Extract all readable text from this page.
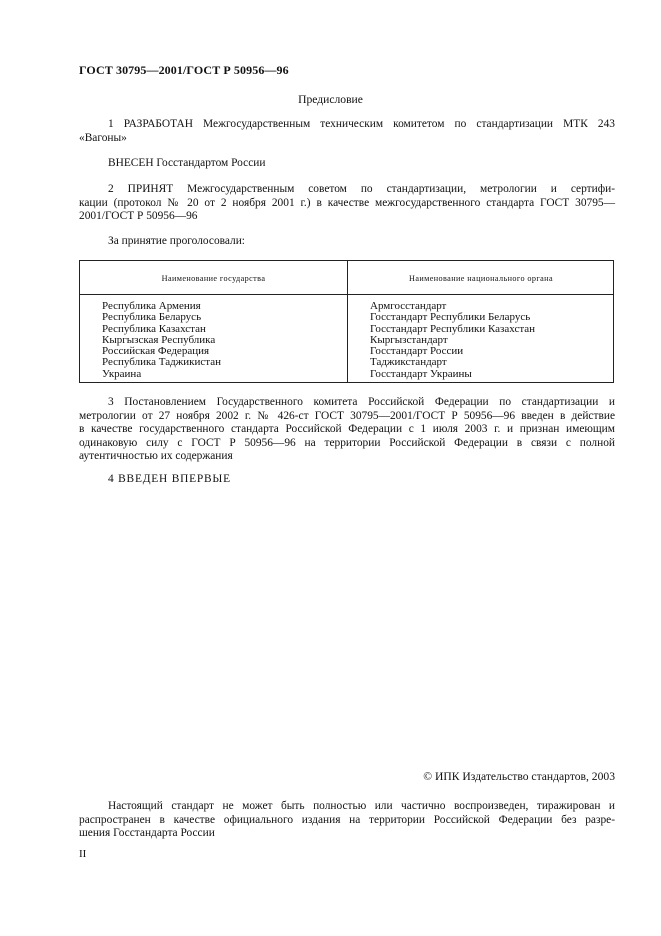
ГОСТ 30795—2001/ГОСТ Р 50956—96
Предисловие
1 РАЗРАБОТАН Межгосударственным техническим комитетом по стандартизации МТК 243
«Вагоны»
ВНЕСЕН Госстандартом России
2 ПРИНЯТ Межгосударственным советом по стандартизации, метрологии и сертифи-
кации (протокол № 20 от 2 ноября 2001 г.) в качестве межгосударственного стандарта ГОСТ 30795—
2001/ГОСТ Р 50956—96
За принятие проголосовали:
Наименование государства	Наименование национального органа
Республика Армения
Республика Беларусь
Республика Казахстан
Кыргызская Республика
Российская Федерация
Республика Таджикистан
Украина
Армгосстандарт
Госстандарт Республики Беларусь
Госстандарт Республики Казахстан
Кыргызстандарт
Госстандарт России
Таджикстандарт
Госстандарт Украины
3 Постановлением Государственного комитета Российской Федерации по стандартизации и
метрологии от 27 ноября 2002 г. № 426-ст ГОСТ 30795—2001/ГОСТ Р 50956—96 введен в действие
в качестве государственного стандарта Российской Федерации с 1 июля 2003 г. и признан имеющим
одинаковую силу с ГОСТ Р 50956—96 на территории Российской Федерации в связи с полной
аутентичностью их содержания
4 ВВЕДЕН ВПЕРВЫЕ
© ИПК Издательство стандартов, 2003
Настоящий стандарт не может быть полностью или частично воспроизведен, тиражирован и
распространен в качестве официального издания на территории Российской Федерации без разре-
шения Госстандарта России
II
